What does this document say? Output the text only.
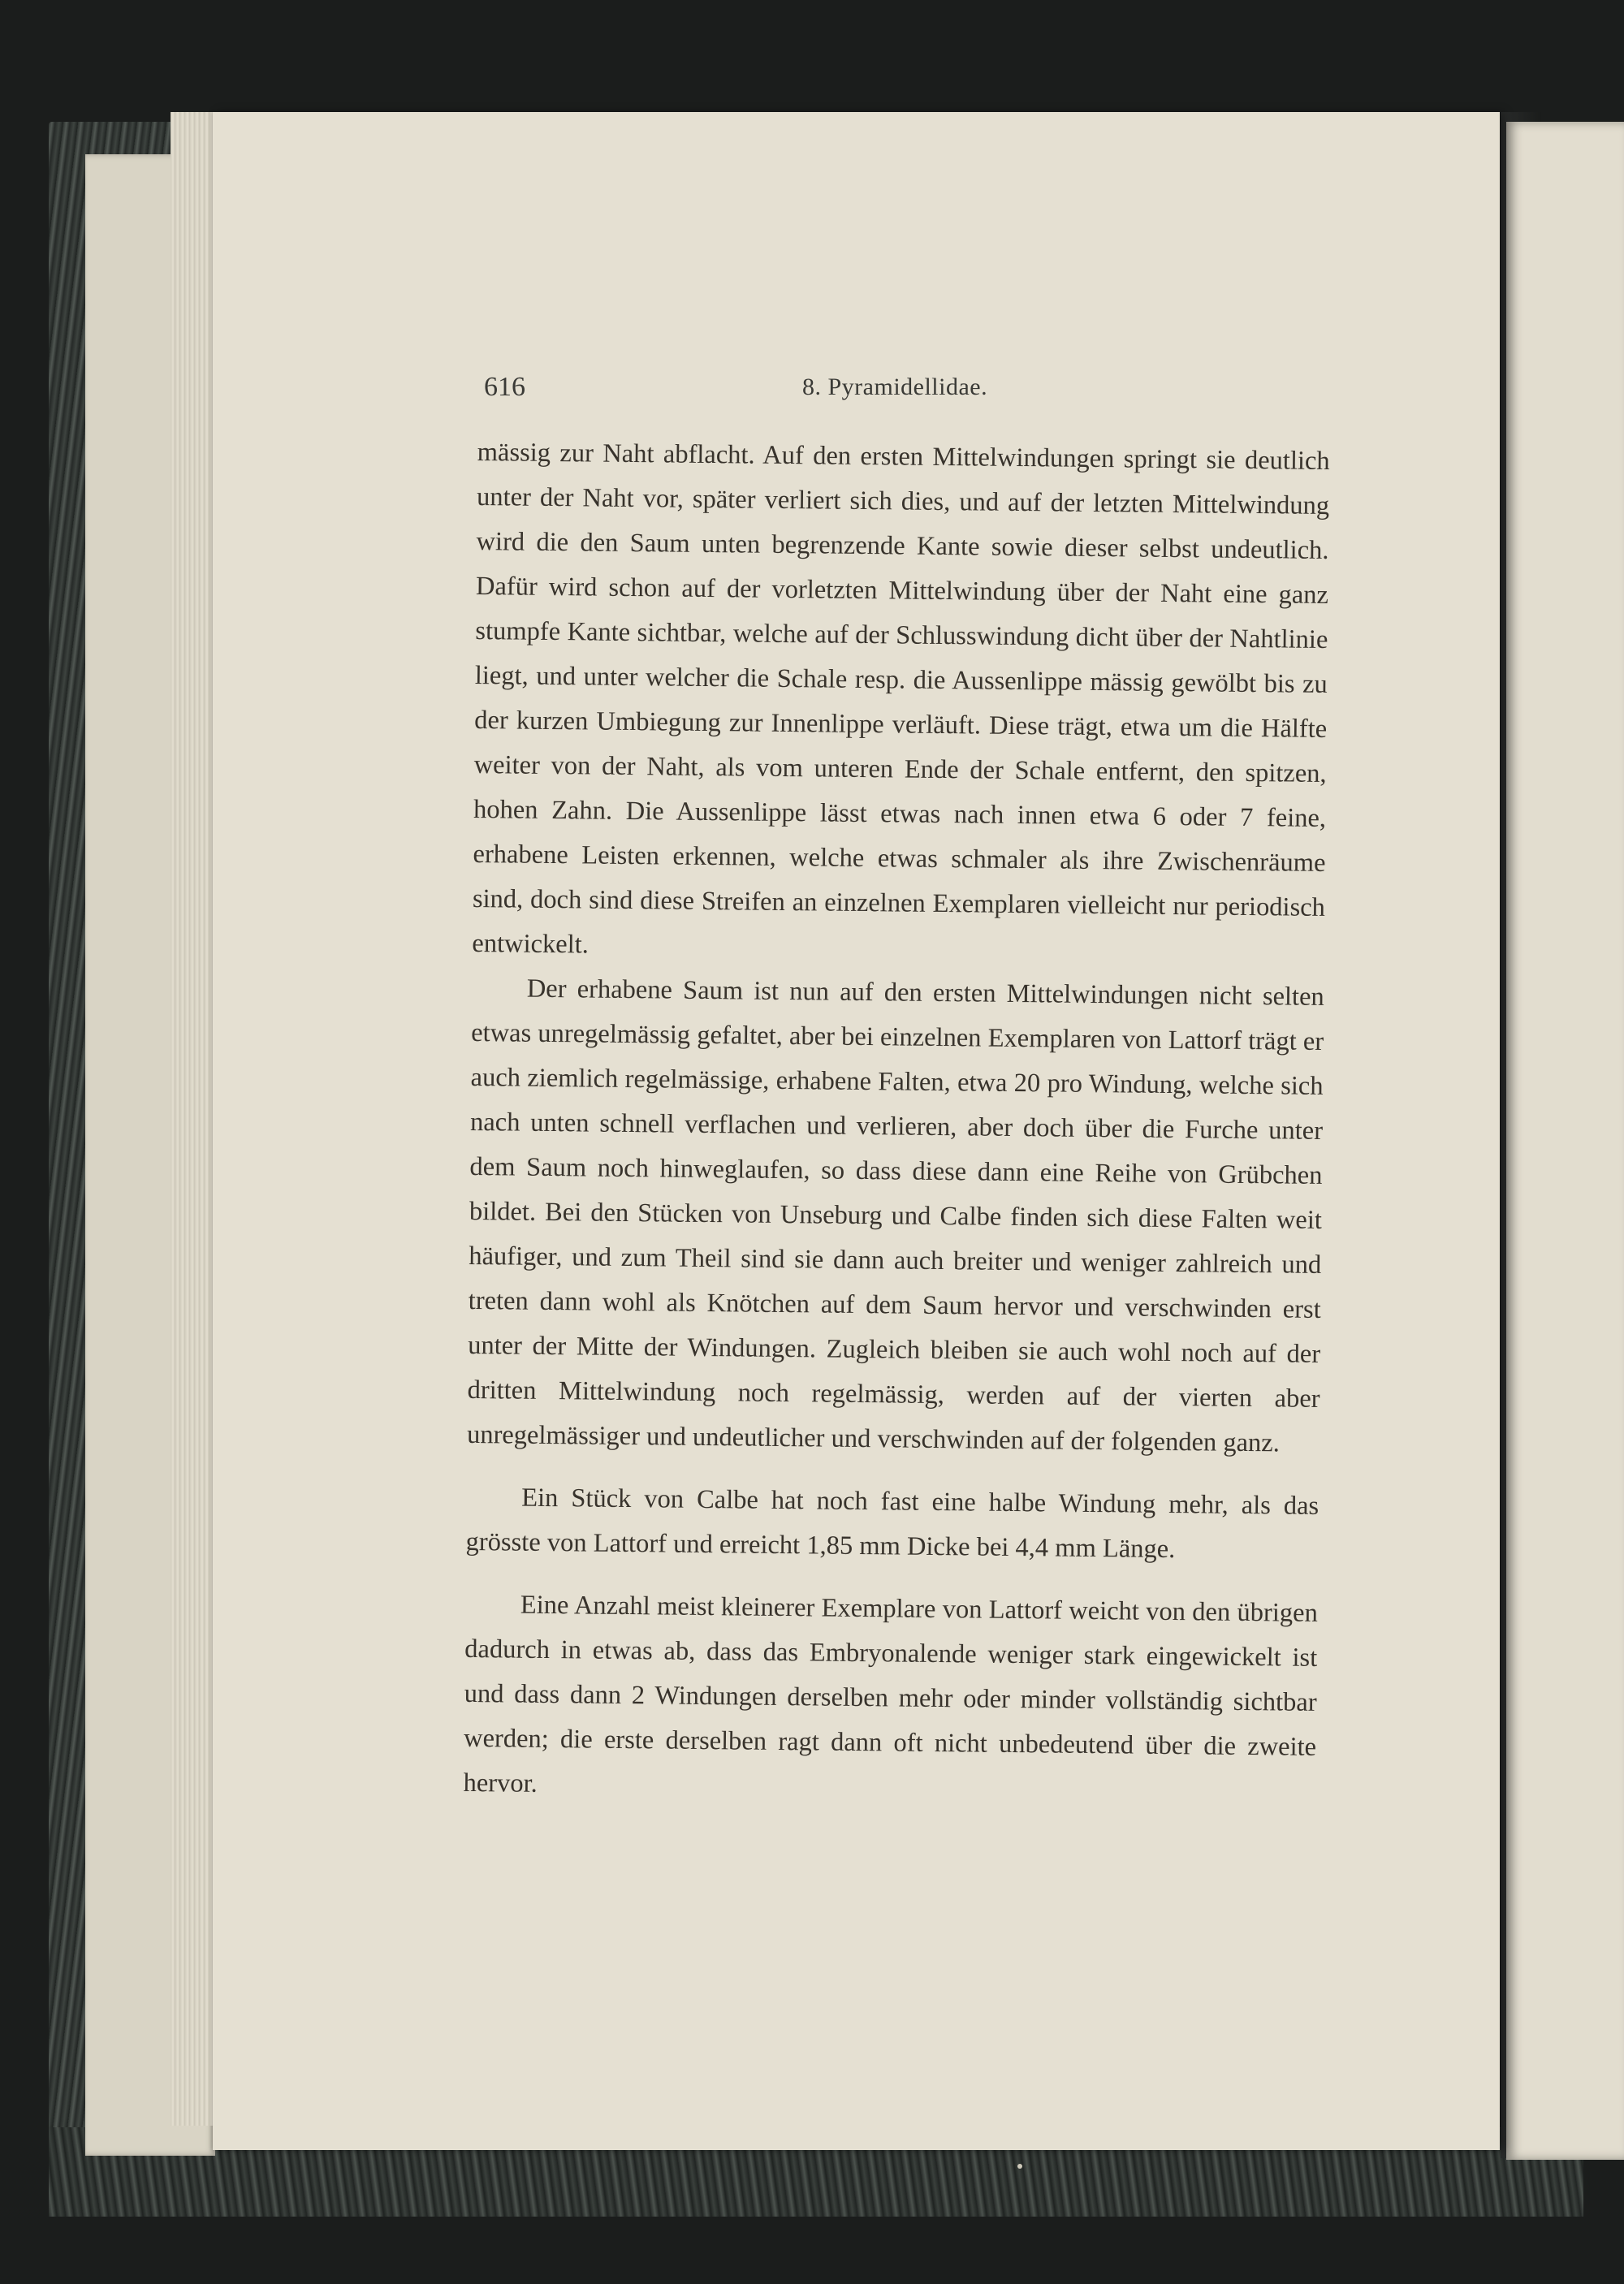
616	8. Pyramidellidae.

mässig zur Naht abflacht. Auf den ersten Mittelwindungen springt sie deutlich unter der Naht vor, später verliert sich dies, und auf der letzten Mittelwindung wird die den Saum unten begrenzende Kante sowie dieser selbst undeutlich. Dafür wird schon auf der vorletzten Mittelwindung über der Naht eine ganz stumpfe Kante sichtbar, welche auf der Schlusswindung dicht über der Nahtlinie liegt, und unter welcher die Schale resp. die Aussenlippe mässig gewölbt bis zu der kurzen Umbiegung zur Innenlippe verläuft. Diese trägt, etwa um die Hälfte weiter von der Naht, als vom unteren Ende der Schale entfernt, den spitzen, hohen Zahn. Die Aussenlippe lässt etwas nach innen etwa 6 oder 7 feine, erhabene Leisten erkennen, welche etwas schmaler als ihre Zwischenräume sind, doch sind diese Streifen an einzelnen Exemplaren vielleicht nur periodisch entwickelt.

Der erhabene Saum ist nun auf den ersten Mittelwindungen nicht selten etwas unregelmässig gefaltet, aber bei einzelnen Exemplaren von Lattorf trägt er auch ziemlich regelmässige, erhabene Falten, etwa 20 pro Windung, welche sich nach unten schnell verflachen und verlieren, aber doch über die Furche unter dem Saum noch hinweglaufen, so dass diese dann eine Reihe von Grübchen bildet. Bei den Stücken von Unseburg und Calbe finden sich diese Falten weit häufiger, und zum Theil sind sie dann auch breiter und weniger zahlreich und treten dann wohl als Knötchen auf dem Saum hervor und verschwinden erst unter der Mitte der Windungen. Zugleich bleiben sie auch wohl noch auf der dritten Mittelwindung noch regelmässig, werden auf der vierten aber unregelmässiger und undeutlicher und verschwinden auf der folgenden ganz.

Ein Stück von Calbe hat noch fast eine halbe Windung mehr, als das grösste von Lattorf und erreicht 1,85 mm Dicke bei 4,4 mm Länge.

Eine Anzahl meist kleinerer Exemplare von Lattorf weicht von den übrigen dadurch in etwas ab, dass das Embryonalende weniger stark eingewickelt ist und dass dann 2 Windungen derselben mehr oder minder vollständig sichtbar werden; die erste derselben ragt dann oft nicht unbedeutend über die zweite hervor.
